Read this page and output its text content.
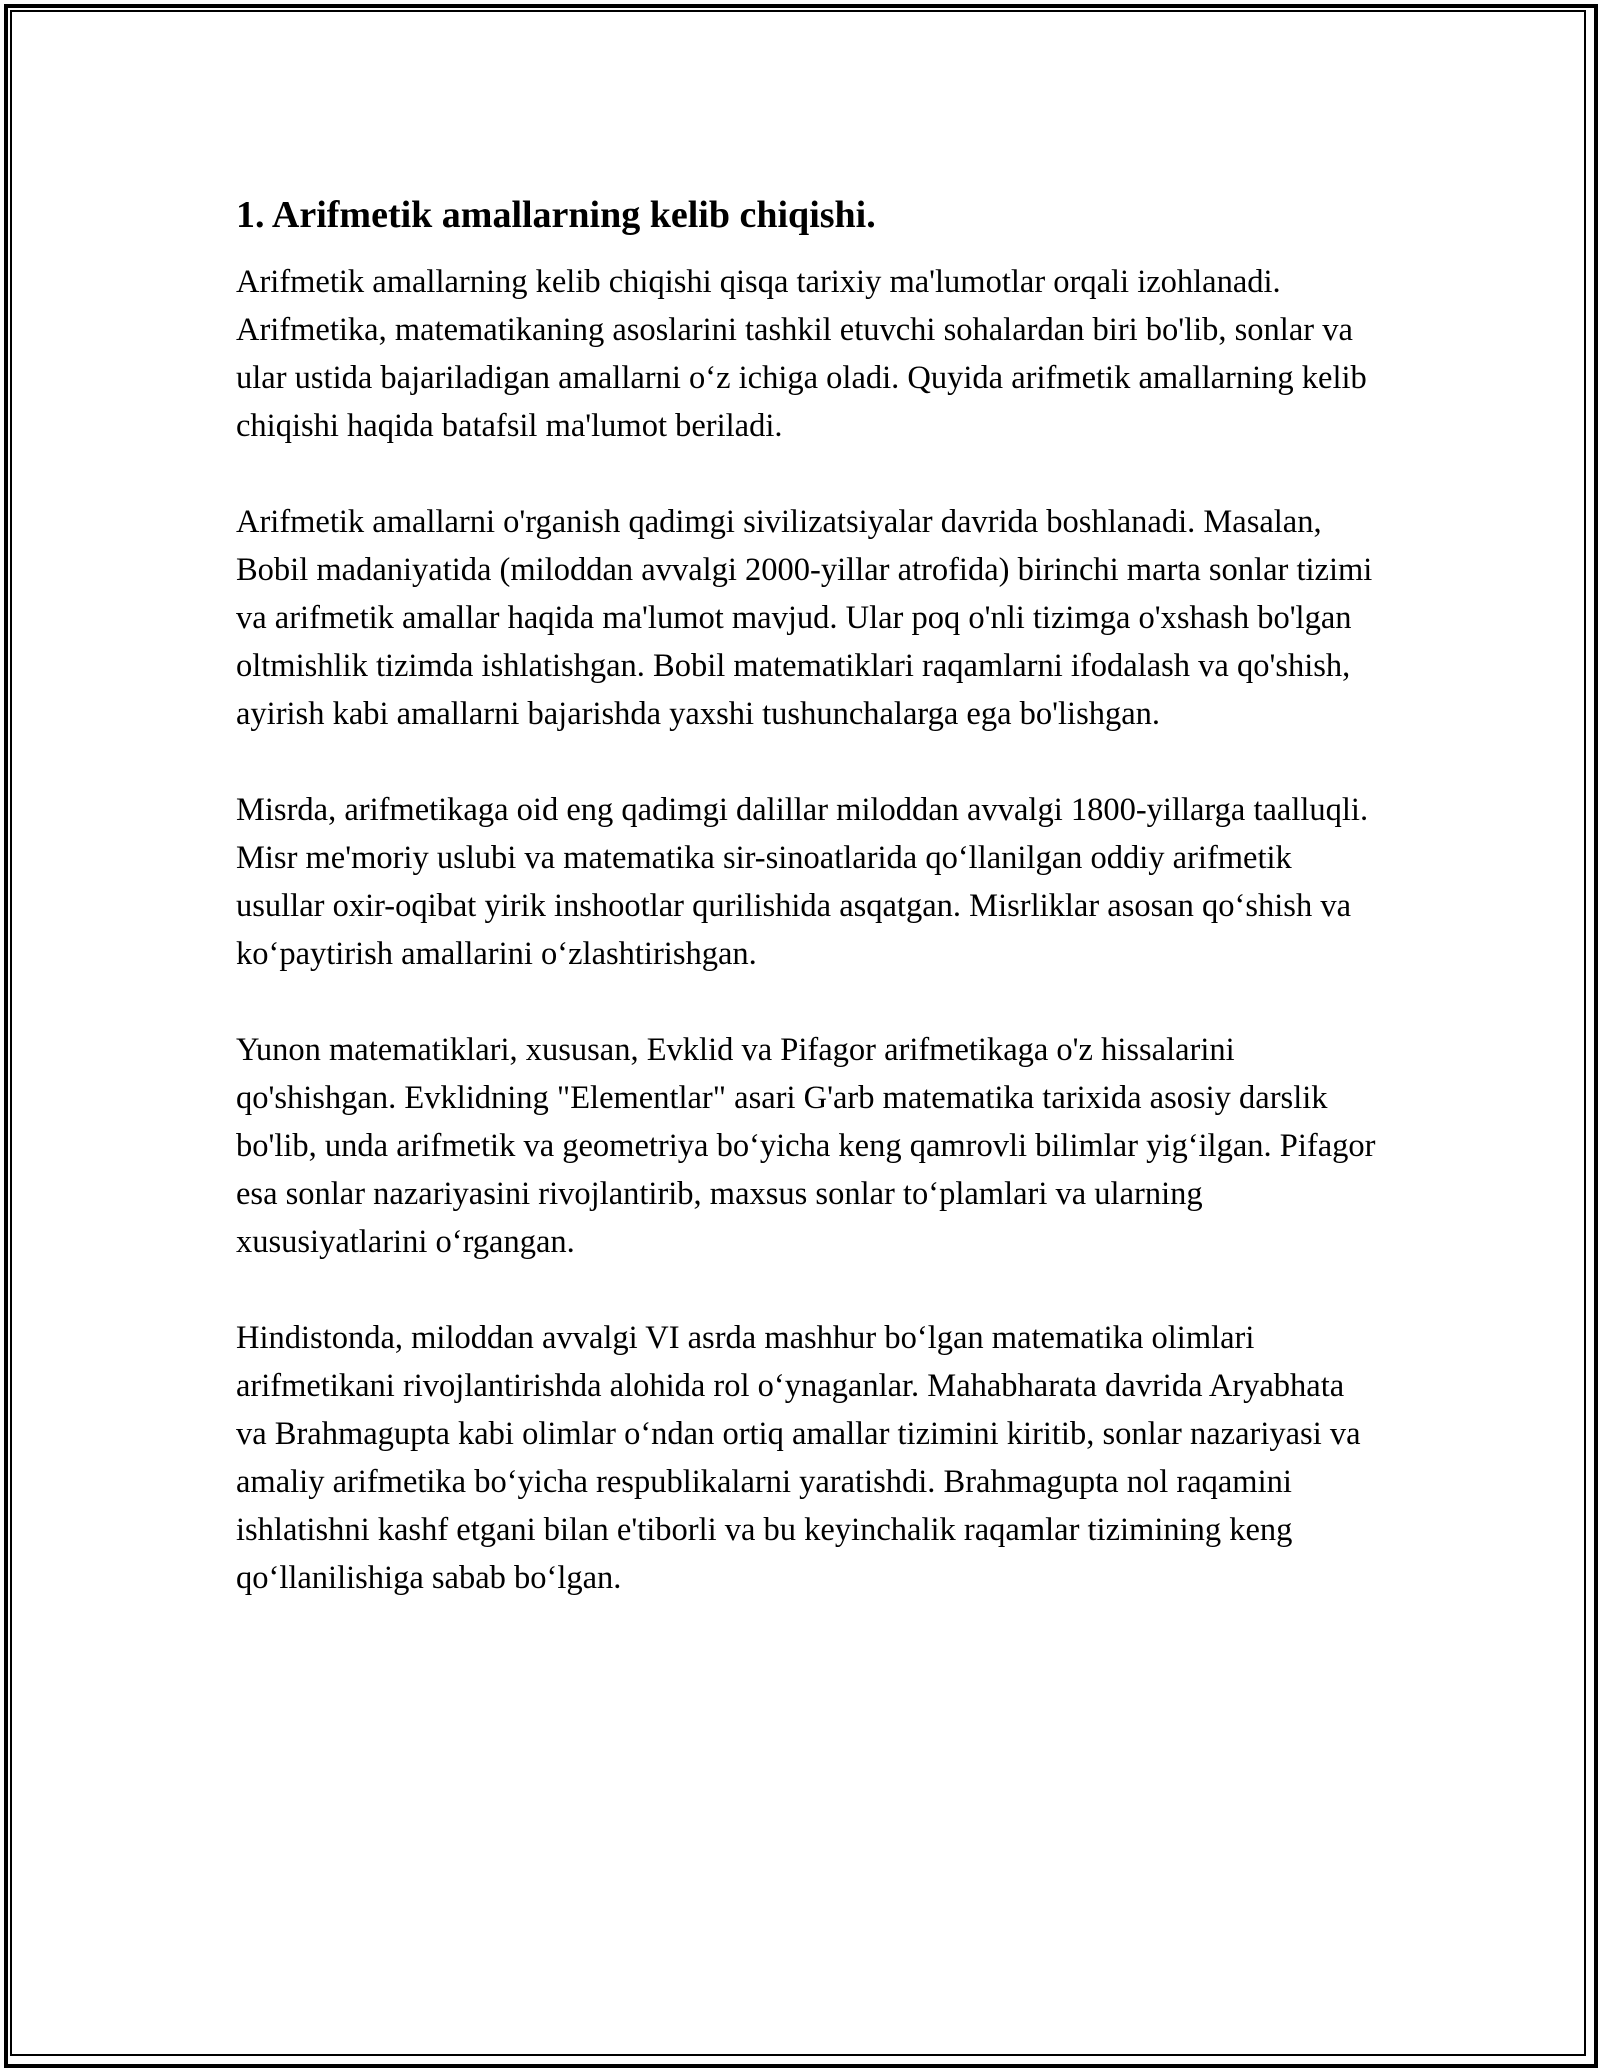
1. Arifmetik amallarning kelib chiqishi.

Arifmetik amallarning kelib chiqishi qisqa tarixiy ma'lumotlar orqali izohlanadi. Arifmetika, matematikaning asoslarini tashkil etuvchi sohalardan biri bo'lib, sonlar va ular ustida bajariladigan amallarni o‘z ichiga oladi. Quyida arifmetik amallarning kelib chiqishi haqida batafsil ma'lumot beriladi.

Arifmetik amallarni o'rganish qadimgi sivilizatsiyalar davrida boshlanadi. Masalan, Bobil madaniyatida (miloddan avvalgi 2000-yillar atrofida) birinchi marta sonlar tizimi va arifmetik amallar haqida ma'lumot mavjud. Ular poq o'nli tizimga o'xshash bo'lgan oltmishlik tizimda ishlatishgan. Bobil matematiklari raqamlarni ifodalash va qo'shish, ayirish kabi amallarni bajarishda yaxshi tushunchalarga ega bo'lishgan.

Misrda, arifmetikaga oid eng qadimgi dalillar miloddan avvalgi 1800-yillarga taalluqli. Misr me'moriy uslubi va matematika sir-sinoatlarida qo‘llanilgan oddiy arifmetik usullar oxir-oqibat yirik inshootlar qurilishida asqatgan. Misrliklar asosan qo‘shish va ko‘paytirish amallarini o‘zlashtirishgan.

Yunon matematiklari, xususan, Evklid va Pifagor arifmetikaga o'z hissalarini qo'shishgan. Evklidning "Elementlar" asari G'arb matematika tarixida asosiy darslik bo'lib, unda arifmetik va geometriya bo‘yicha keng qamrovli bilimlar yig‘ilgan. Pifagor esa sonlar nazariyasini rivojlantirib, maxsus sonlar to‘plamlari va ularning xususiyatlarini o‘rgangan.

Hindistonda, miloddan avvalgi VI asrda mashhur bo‘lgan matematika olimlari arifmetikani rivojlantirishda alohida rol o‘ynaganlar. Mahabharata davrida Aryabhata va Brahmagupta kabi olimlar o‘ndan ortiq amallar tizimini kiritib, sonlar nazariyasi va amaliy arifmetika bo‘yicha respublikalarni yaratishdi. Brahmagupta nol raqamini ishlatishni kashf etgani bilan e'tiborli va bu keyinchalik raqamlar tizimining keng qo‘llanilishiga sabab bo‘lgan.
